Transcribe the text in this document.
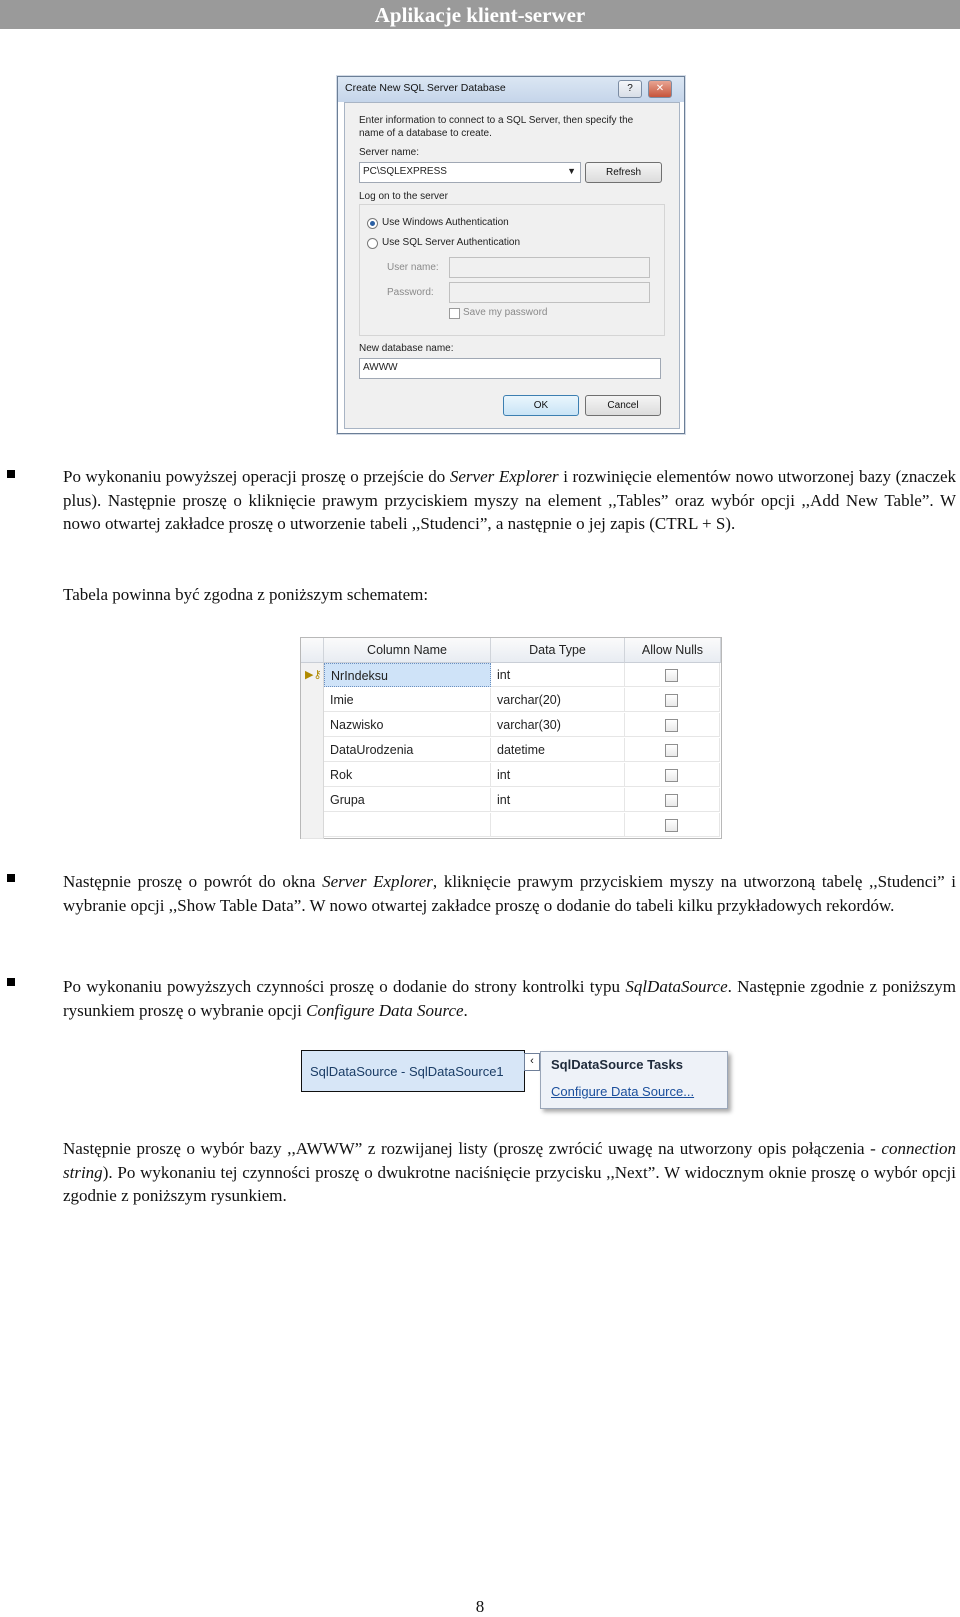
Aplikacje klient-serwer
Create New SQL Server Database	?	✕
Enter information to connect to a SQL Server, then specify the
name of a database to create.
Server name:
PC\SQLEXPRESS	▼	Refresh
Log on to the server
Use Windows Authentication
Use SQL Server Authentication
User name:
Password:
Save my password
New database name:
AWWW
OK	Cancel
Po wykonaniu powyższej operacji proszę o przejście do Server Explorer i rozwinięcie elementów nowo utworzonej bazy (znaczek plus). Następnie proszę o kliknięcie prawym przyciskiem myszy na element ,,Tables” oraz wybór opcji ,,Add New Table”. W nowo otwartej zakładce proszę o utworzenie tabeli ,,Studenci”, a następnie o jej zapis (CTRL + S).
Tabela powinna być zgodna z poniższym schematem:
Column Name	Data Type	Allow Nulls
▶⚷ NrIndeksu	int
Imie	varchar(20)
Nazwisko	varchar(30)
DataUrodzenia	datetime
Rok	int
Grupa	int
Następnie proszę o powrót do okna Server Explorer, kliknięcie prawym przyciskiem myszy na utworzoną tabelę ,,Studenci” i wybranie opcji ,,Show Table Data”. W nowo otwartej zakładce proszę o dodanie do tabeli kilku przykładowych rekordów.
Po wykonaniu powyższych czynności proszę o dodanie do strony kontrolki typu SqlDataSource. Następnie zgodnie z poniższym rysunkiem proszę o wybranie opcji Configure Data Source.
SqlDataSource - SqlDataSource1
‹	SqlDataSource Tasks
Configure Data Source...
Następnie proszę o wybór bazy ,,AWWW” z rozwijanej listy (proszę zwrócić uwagę na utworzony opis połączenia - connection string). Po wykonaniu tej czynności proszę o dwukrotne naciśnięcie przycisku ,,Next”. W widocznym oknie proszę o wybór opcji zgodnie z poniższym rysunkiem.
8
